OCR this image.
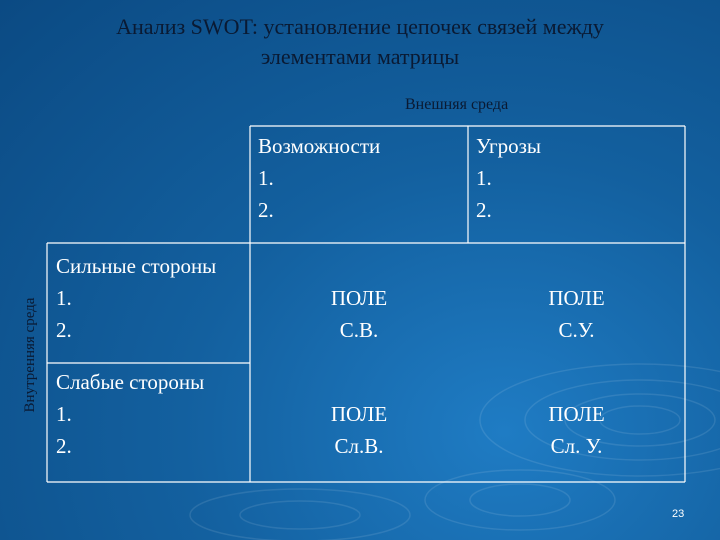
Анализ SWOT: установление цепочек связей между
элементами матрицы
Внешняя среда
Внутренняя среда
Возможности
1.
2.
Угрозы
1.
2.
Сильные стороны
1.
2.
Слабые стороны
1.
2.
ПОЛЕ
С.В.
ПОЛЕ
С.У.
ПОЛЕ
Сл.В.
ПОЛЕ
Сл. У.
23
